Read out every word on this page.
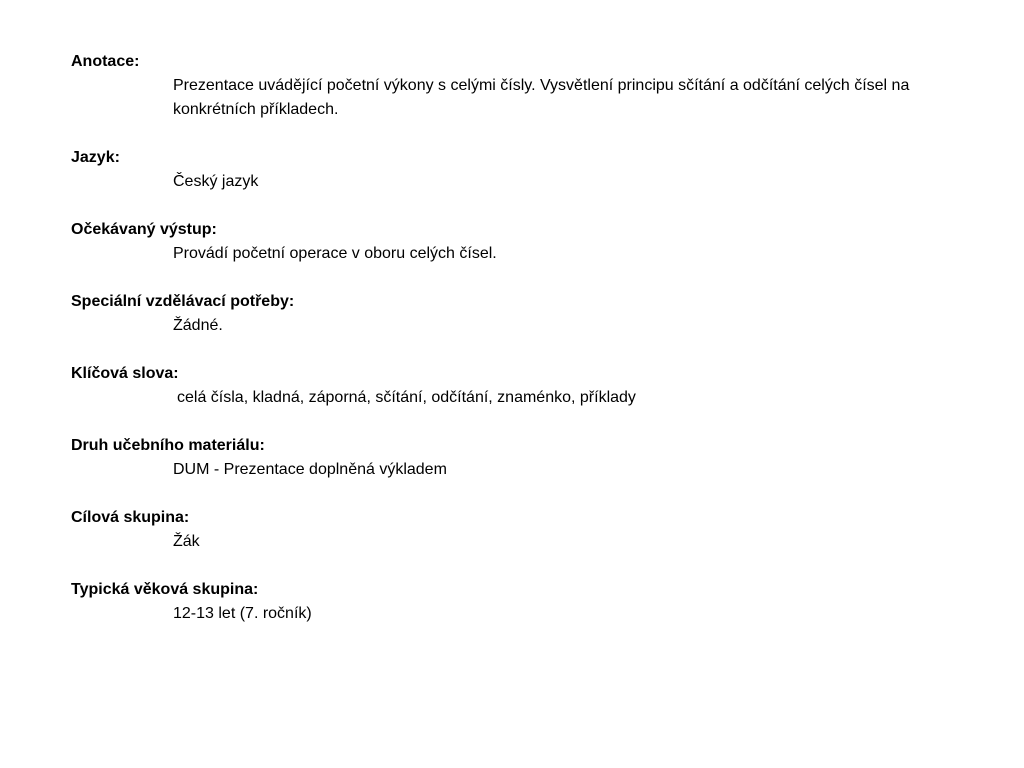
Anotace:
Prezentace uvádějící početní výkony s celými čísly. Vysvětlení principu sčítání a odčítání celých čísel na konkrétních příkladech.
Jazyk:
Český jazyk
Očekávaný výstup:
Provádí početní operace v oboru celých čísel.
Speciální vzdělávací potřeby:
Žádné.
Klíčová slova:
celá čísla, kladná, záporná, sčítání, odčítání, znaménko, příklady
Druh učebního materiálu:
DUM - Prezentace doplněná výkladem
Cílová skupina:
Žák
Typická věková skupina:
12-13 let (7. ročník)
